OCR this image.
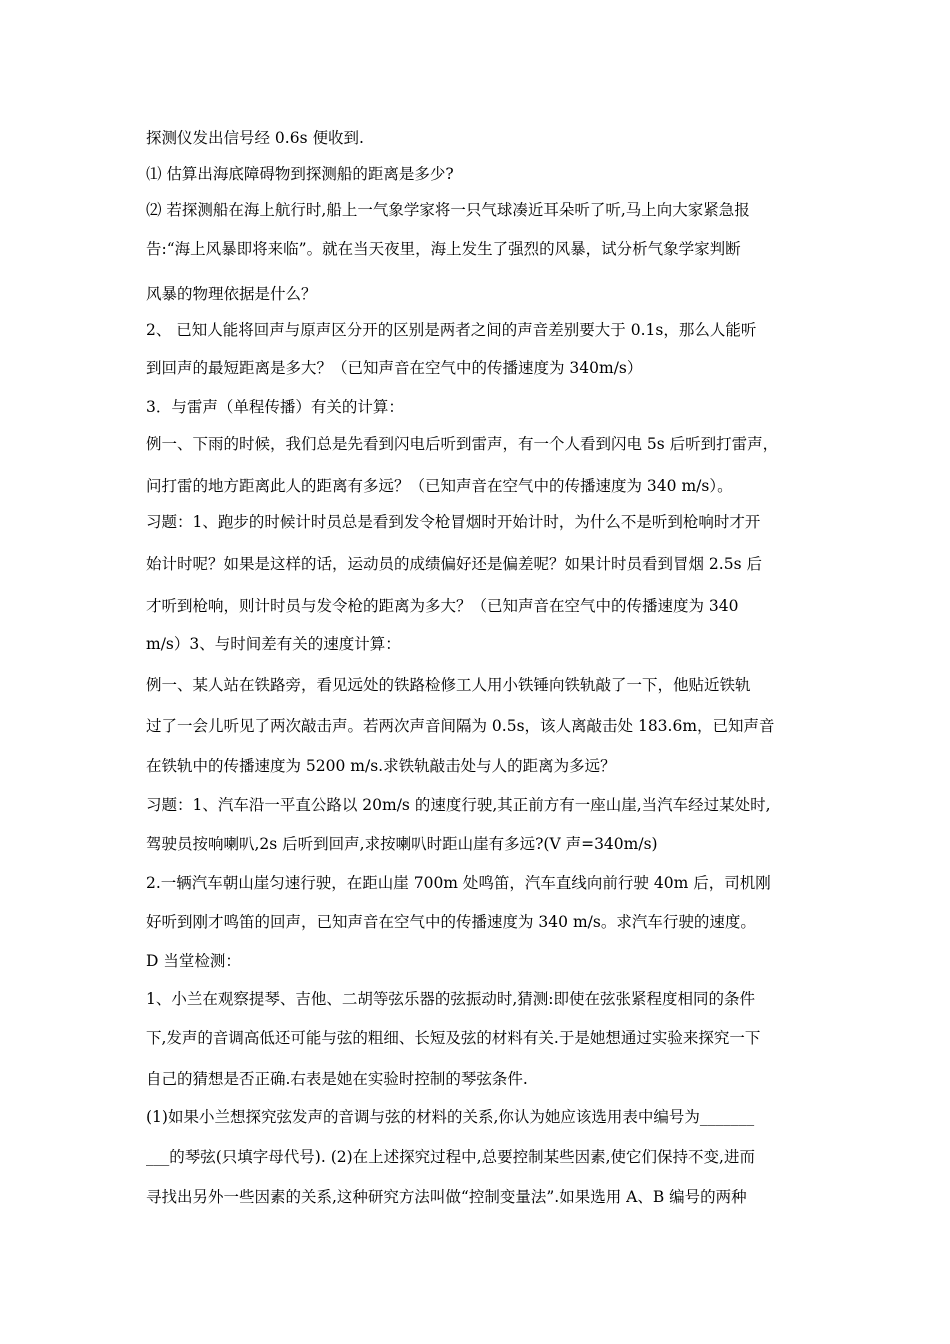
探测仪发出信号经 0.6s 便收到.
⑴ 估算出海底障碍物到探测船的距离是多少?
⑵ 若探测船在海上航行时,船上一气象学家将一只气球凑近耳朵听了听,马上向大家紧急报
告:“海上风暴即将来临”。就在当天夜里，海上发生了强烈的风暴，试分析气象学家判断
风暴的物理依据是什么？
2、 已知人能将回声与原声区分开的区别是两者之间的声音差别要大于 0.1s，那么人能听
到回声的最短距离是多大？（已知声音在空气中的传播速度为 340m/s）
3．与雷声（单程传播）有关的计算：
例一、下雨的时候，我们总是先看到闪电后听到雷声，有一个人看到闪电 5s 后听到打雷声，
问打雷的地方距离此人的距离有多远？（已知声音在空气中的传播速度为 340 m/s）。
习题：1、跑步的时候计时员总是看到发令枪冒烟时开始计时，为什么不是听到枪响时才开
始计时呢？如果是这样的话，运动员的成绩偏好还是偏差呢？如果计时员看到冒烟 2.5s 后
才听到枪响，则计时员与发令枪的距离为多大？（已知声音在空气中的传播速度为 340
m/s）3、与时间差有关的速度计算：
例一、某人站在铁路旁，看见远处的铁路检修工人用小铁锤向铁轨敲了一下，他贴近铁轨
过了一会儿听见了两次敲击声。若两次声音间隔为 0.5s，该人离敲击处 183.6m，已知声音
在铁轨中的传播速度为 5200 m/s.求铁轨敲击处与人的距离为多远？
习题：1、汽车沿一平直公路以 20m/s 的速度行驶,其正前方有一座山崖,当汽车经过某处时,
驾驶员按响喇叭,2s 后听到回声,求按喇叭时距山崖有多远?(V 声=340m/s)
2.一辆汽车朝山崖匀速行驶，在距山崖 700m 处鸣笛，汽车直线向前行驶 40m 后，司机刚
好听到刚才鸣笛的回声，已知声音在空气中的传播速度为 340 m/s。求汽车行驶的速度。
D 当堂检测：
1、小兰在观察提琴、吉他、二胡等弦乐器的弦振动时,猜测:即使在弦张紧程度相同的条件
下,发声的音调高低还可能与弦的粗细、长短及弦的材料有关.于是她想通过实验来探究一下
自己的猜想是否正确.右表是她在实验时控制的琴弦条件.
(1)如果小兰想探究弦发声的音调与弦的材料的关系,你认为她应该选用表中编号为_______
___的琴弦(只填字母代号). (2)在上述探究过程中,总要控制某些因素,使它们保持不变,进而
寻找出另外一些因素的关系,这种研究方法叫做“控制变量法”.如果选用 A、B 编号的两种
